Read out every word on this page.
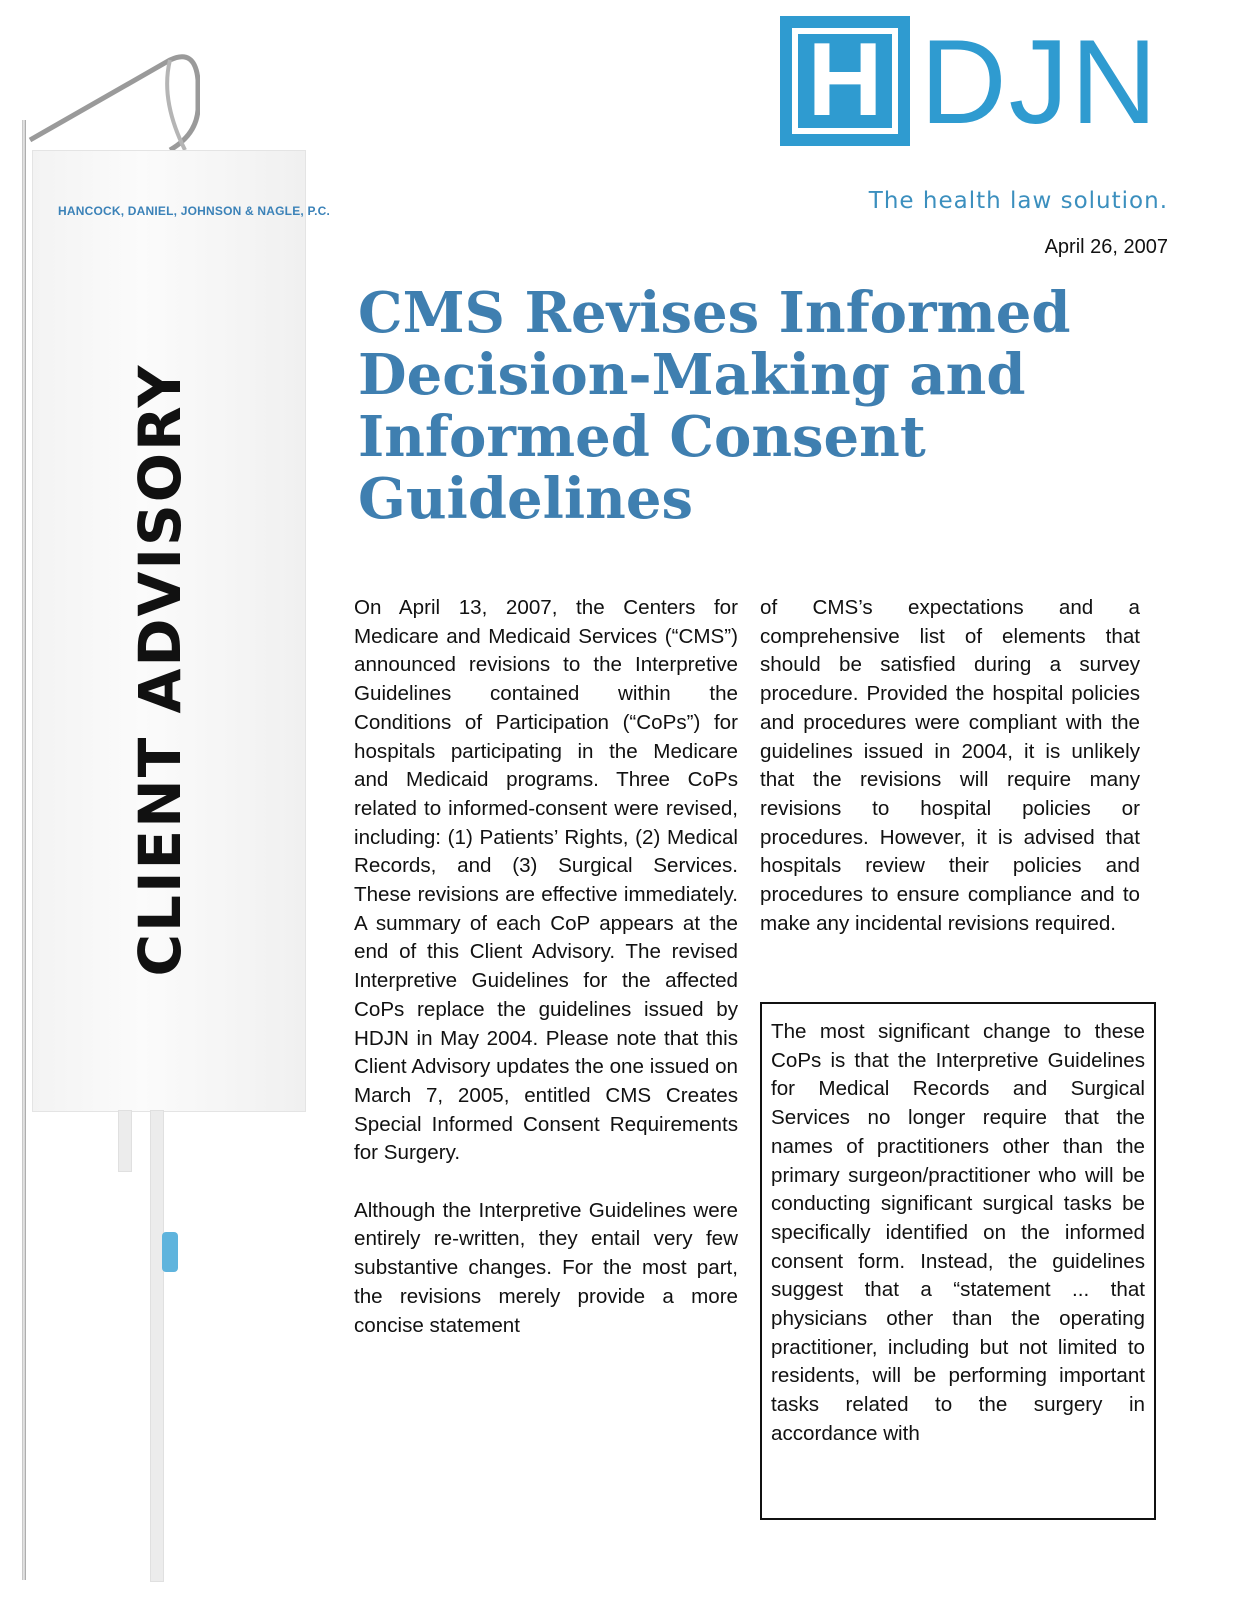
HANCOCK, DANIEL, JOHNSON & NAGLE, P.C.
CLIENT ADVISORY
H DJN
The health law solution.
April 26, 2007
CMS Revises Informed Decision-Making and Informed Consent Guidelines

On April 13, 2007, the Centers for Medicare and Medicaid Services (“CMS”) announced revisions to the Interpretive Guidelines contained within the Conditions of Participation (“CoPs”) for hospitals participating in the Medicare and Medicaid programs. Three CoPs related to informed-consent were revised, including: (1) Patients’ Rights, (2) Medical Records, and (3) Surgical Services. These revisions are effective immediately. A summary of each CoP appears at the end of this Client Advisory. The revised Interpretive Guidelines for the affected CoPs replace the guidelines issued by HDJN in May 2004. Please note that this Client Advisory updates the one issued on March 7, 2005, entitled CMS Creates Special Informed Consent Requirements for Surgery.

Although the Interpretive Guidelines were entirely re-written, they entail very few substantive changes. For the most part, the revisions merely provide a more concise statement

of CMS’s expectations and a comprehensive list of elements that should be satisfied during a survey procedure. Provided the hospital policies and procedures were compliant with the guidelines issued in 2004, it is unlikely that the revisions will require many revisions to hospital policies or procedures. However, it is advised that hospitals review their policies and procedures to ensure compliance and to make any incidental revisions required.

The most significant change to these CoPs is that the Interpretive Guidelines for Medical Records and Surgical Services no longer require that the names of practitioners other than the primary surgeon/practitioner who will be conducting significant surgical tasks be specifically identified on the informed consent form. Instead, the guidelines suggest that a “statement ... that physicians other than the operating practitioner, including but not limited to residents, will be performing important tasks related to the surgery in accordance with
